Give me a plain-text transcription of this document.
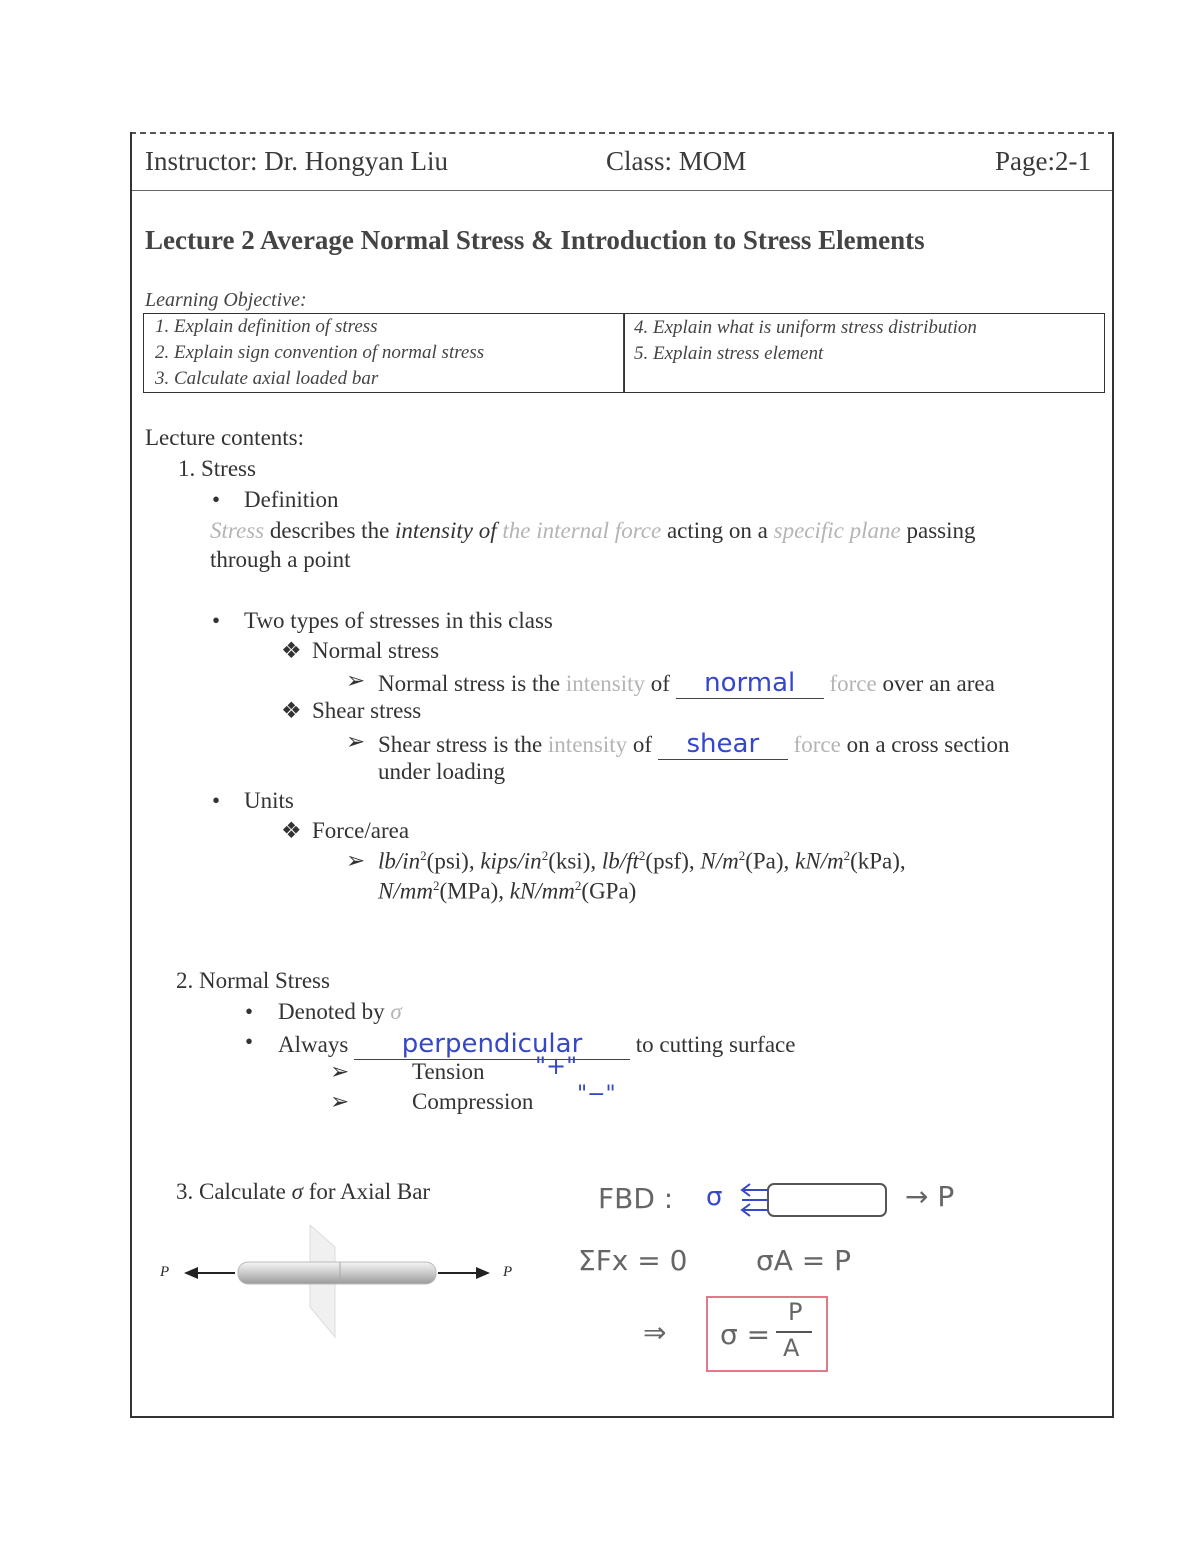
Instructor: Dr. Hongyan Liu	Class: MOM	Page:2-1
Lecture 2 Average Normal Stress & Introduction to Stress Elements
Learning Objective:
1. Explain definition of stress
2. Explain sign convention of normal stress
3. Calculate axial loaded bar
4. Explain what is uniform stress distribution
5. Explain stress element
Lecture contents:
1. Stress
• Definition
Stress describes the intensity of the internal force acting on a specific plane passing
through a point
• Two types of stresses in this class
❖ Normal stress
➢ Normal stress is the intensity of normal force over an area
❖ Shear stress
➢ Shear stress is the intensity of shear force on a cross section
under loading
• Units
❖ Force/area
➢ $lb/in^2(psi)$, kips/$in^2(ksi)$, $lb/ft^2(psf)$, $N/m^2(Pa)$, $kN/m^2(kPa)$,
$N/mm^2(MPa)$, $kN/mm^2(GPa)$
2. Normal Stress
• Denoted by σ
• Always perpendicular to cutting surface
➢	Tension "+"
➢	Compression "−"
3. Calculate σ for Axial Bar
P	P
FBD : σ	→ P
ΣFx = 0 σA = P
⇒ σ =
P
A
